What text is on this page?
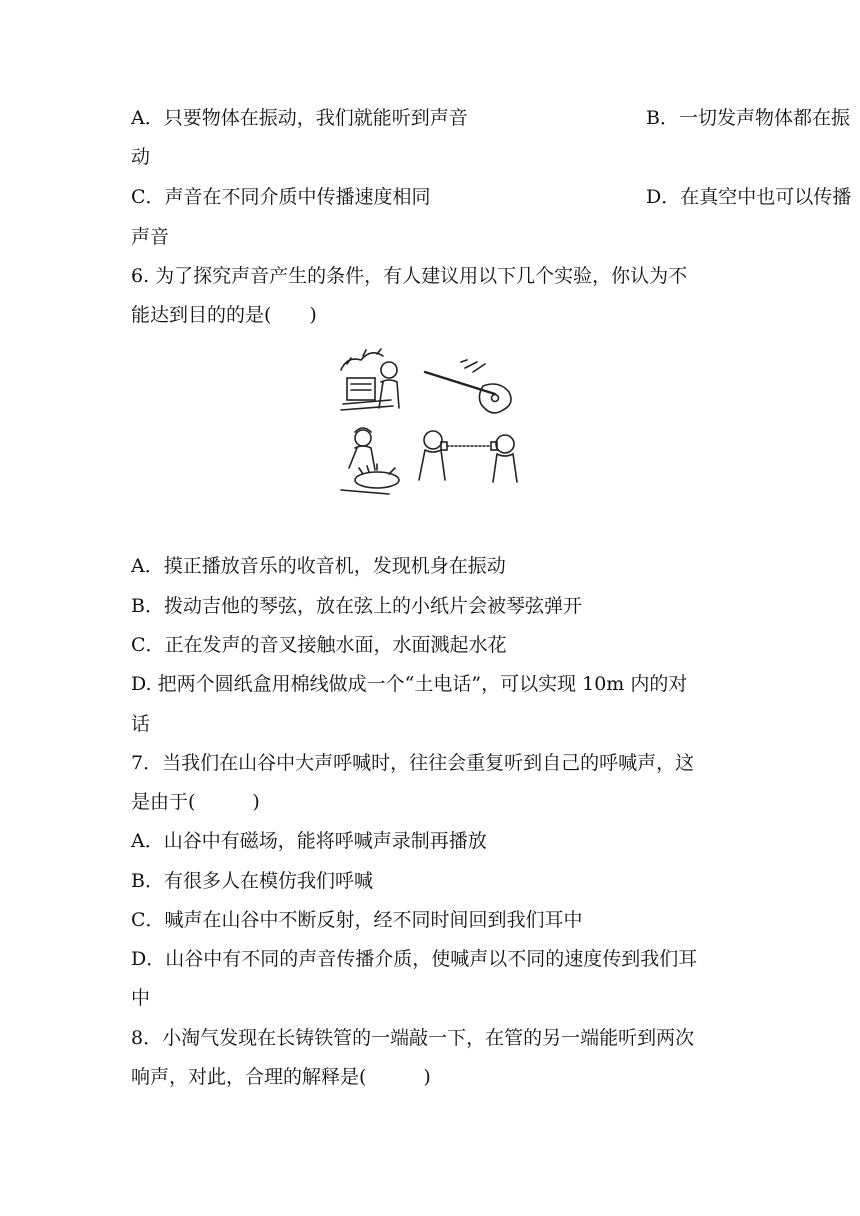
A．只要物体在振动，我们就能听到声音	B．一切发声物体都在振
动
C．声音在不同介质中传播速度相同	D．在真空中也可以传播
声音
6. 为了探究声音产生的条件，有人建议用以下几个实验，你认为不
能达到目的的是(　　)
A．摸正播放音乐的收音机，发现机身在振动
B．拨动吉他的琴弦，放在弦上的小纸片会被琴弦弹开
C．正在发声的音叉接触水面，水面溅起水花
D. 把两个圆纸盒用棉线做成一个“土电话”，可以实现 10m 内的对
话
7．当我们在山谷中大声呼喊时，往往会重复听到自己的呼喊声，这
是由于(　　　)
A．山谷中有磁场，能将呼喊声录制再播放
B．有很多人在模仿我们呼喊
C．喊声在山谷中不断反射，经不同时间回到我们耳中
D．山谷中有不同的声音传播介质，使喊声以不同的速度传到我们耳
中
8．小淘气发现在长铸铁管的一端敲一下，在管的另一端能听到两次
响声，对此，合理的解释是(　　　)
